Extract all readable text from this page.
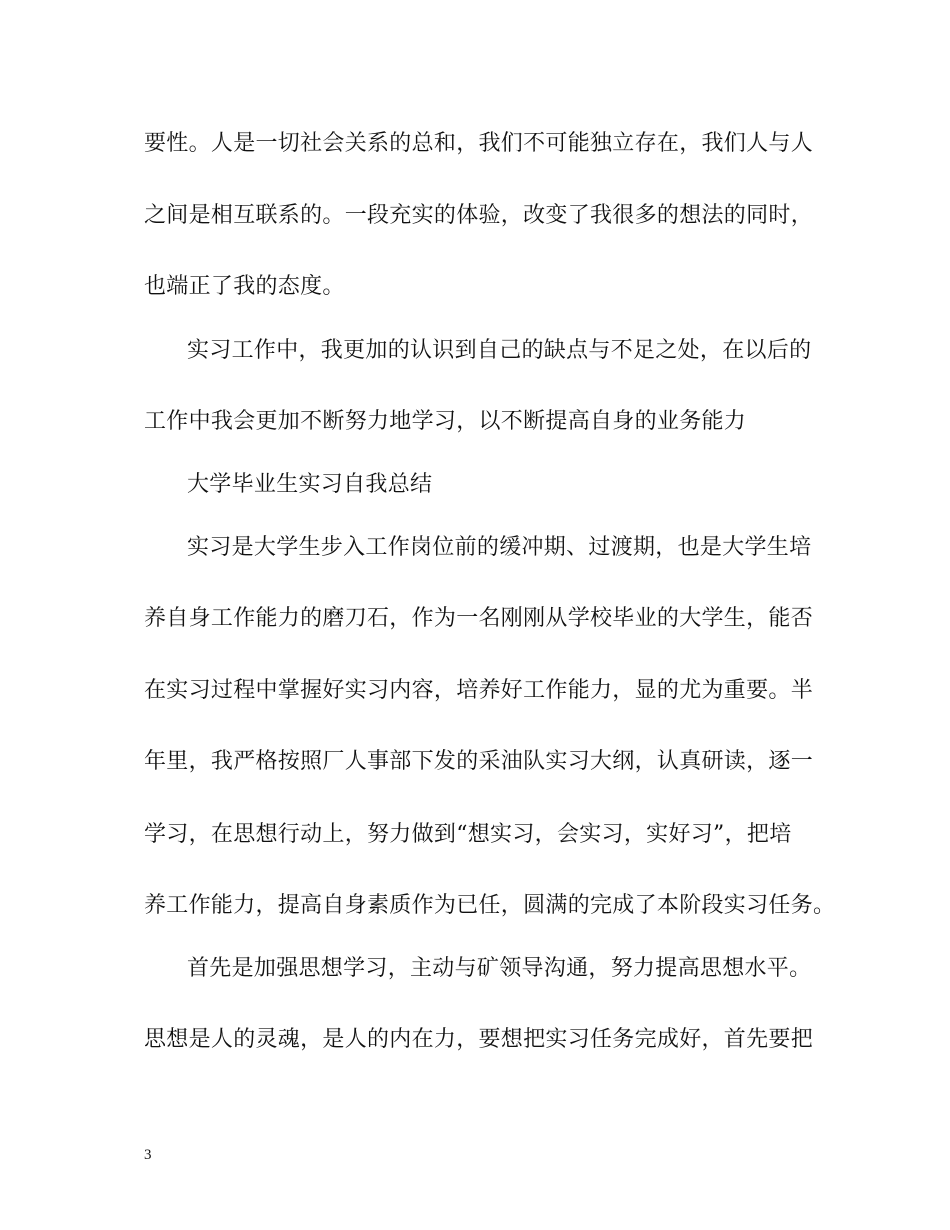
要性。人是一切社会关系的总和，我们不可能独立存在，我们人与人
之间是相互联系的。一段充实的体验，改变了我很多的想法的同时，
也端正了我的态度。
实习工作中，我更加的认识到自己的缺点与不足之处，在以后的
工作中我会更加不断努力地学习，以不断提高自身的业务能力
大学毕业生实习自我总结
实习是大学生步入工作岗位前的缓冲期、过渡期，也是大学生培
养自身工作能力的磨刀石，作为一名刚刚从学校毕业的大学生，能否
在实习过程中掌握好实习内容，培养好工作能力，显的尤为重要。半
年里，我严格按照厂人事部下发的采油队实习大纲，认真研读，逐一
学习，在思想行动上，努力做到“想实习，会实习，实好习”，把培
养工作能力，提高自身素质作为已任，圆满的完成了本阶段实习任务。
首先是加强思想学习，主动与矿领导沟通，努力提高思想水平。
思想是人的灵魂，是人的内在力，要想把实习任务完成好，首先要把
3
